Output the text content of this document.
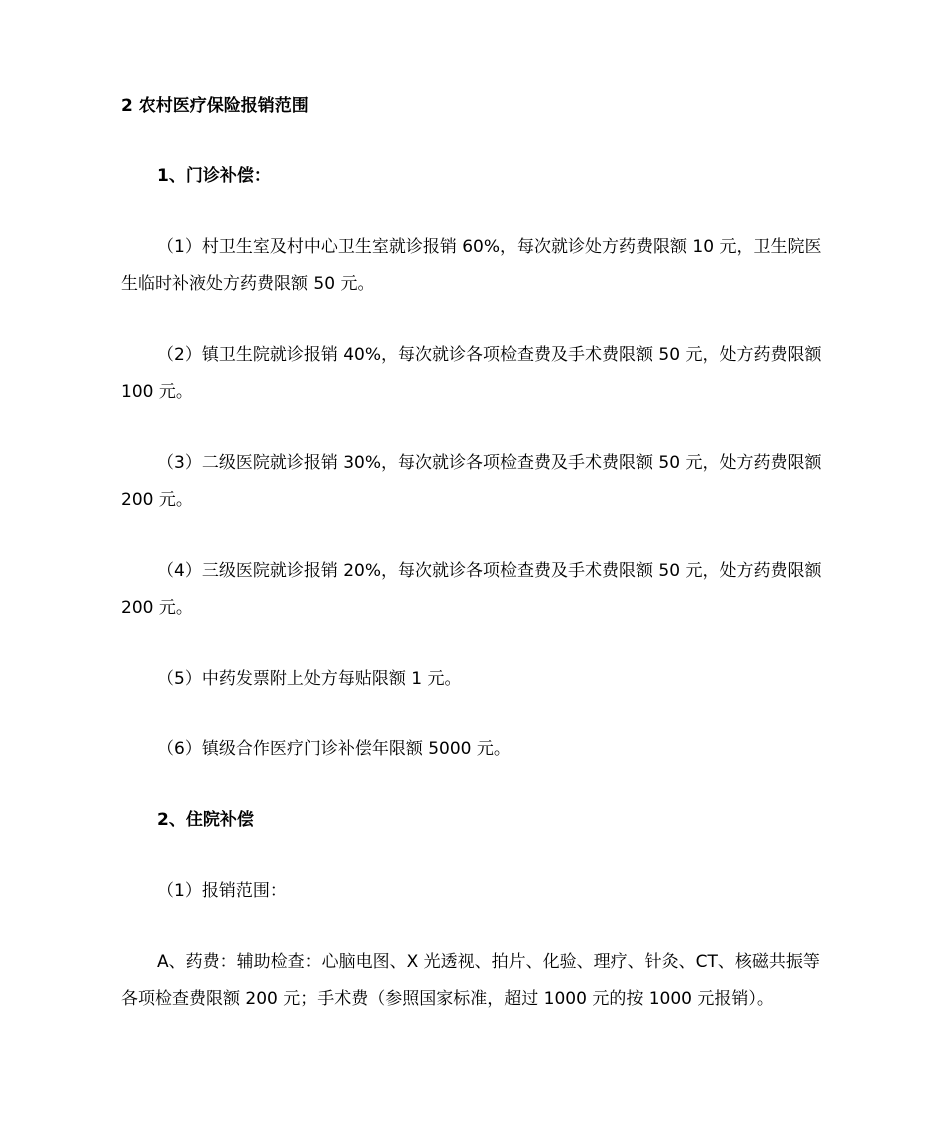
2 农村医疗保险报销范围

1、门诊补偿：

（1）村卫生室及村中心卫生室就诊报销 60%，每次就诊处方药费限额 10 元，卫生院医生临时补液处方药费限额 50 元。

（2）镇卫生院就诊报销 40%，每次就诊各项检查费及手术费限额 50 元，处方药费限额 100 元。

（3）二级医院就诊报销 30%，每次就诊各项检查费及手术费限额 50 元，处方药费限额 200 元。

（4）三级医院就诊报销 20%，每次就诊各项检查费及手术费限额 50 元，处方药费限额 200 元。

（5）中药发票附上处方每贴限额 1 元。

（6）镇级合作医疗门诊补偿年限额 5000 元。

2、住院补偿

（1）报销范围：

A、药费：辅助检查：心脑电图、X 光透视、拍片、化验、理疗、针灸、CT、核磁共振等各项检查费限额 200 元；手术费（参照国家标准，超过 1000 元的按 1000 元报销）。
